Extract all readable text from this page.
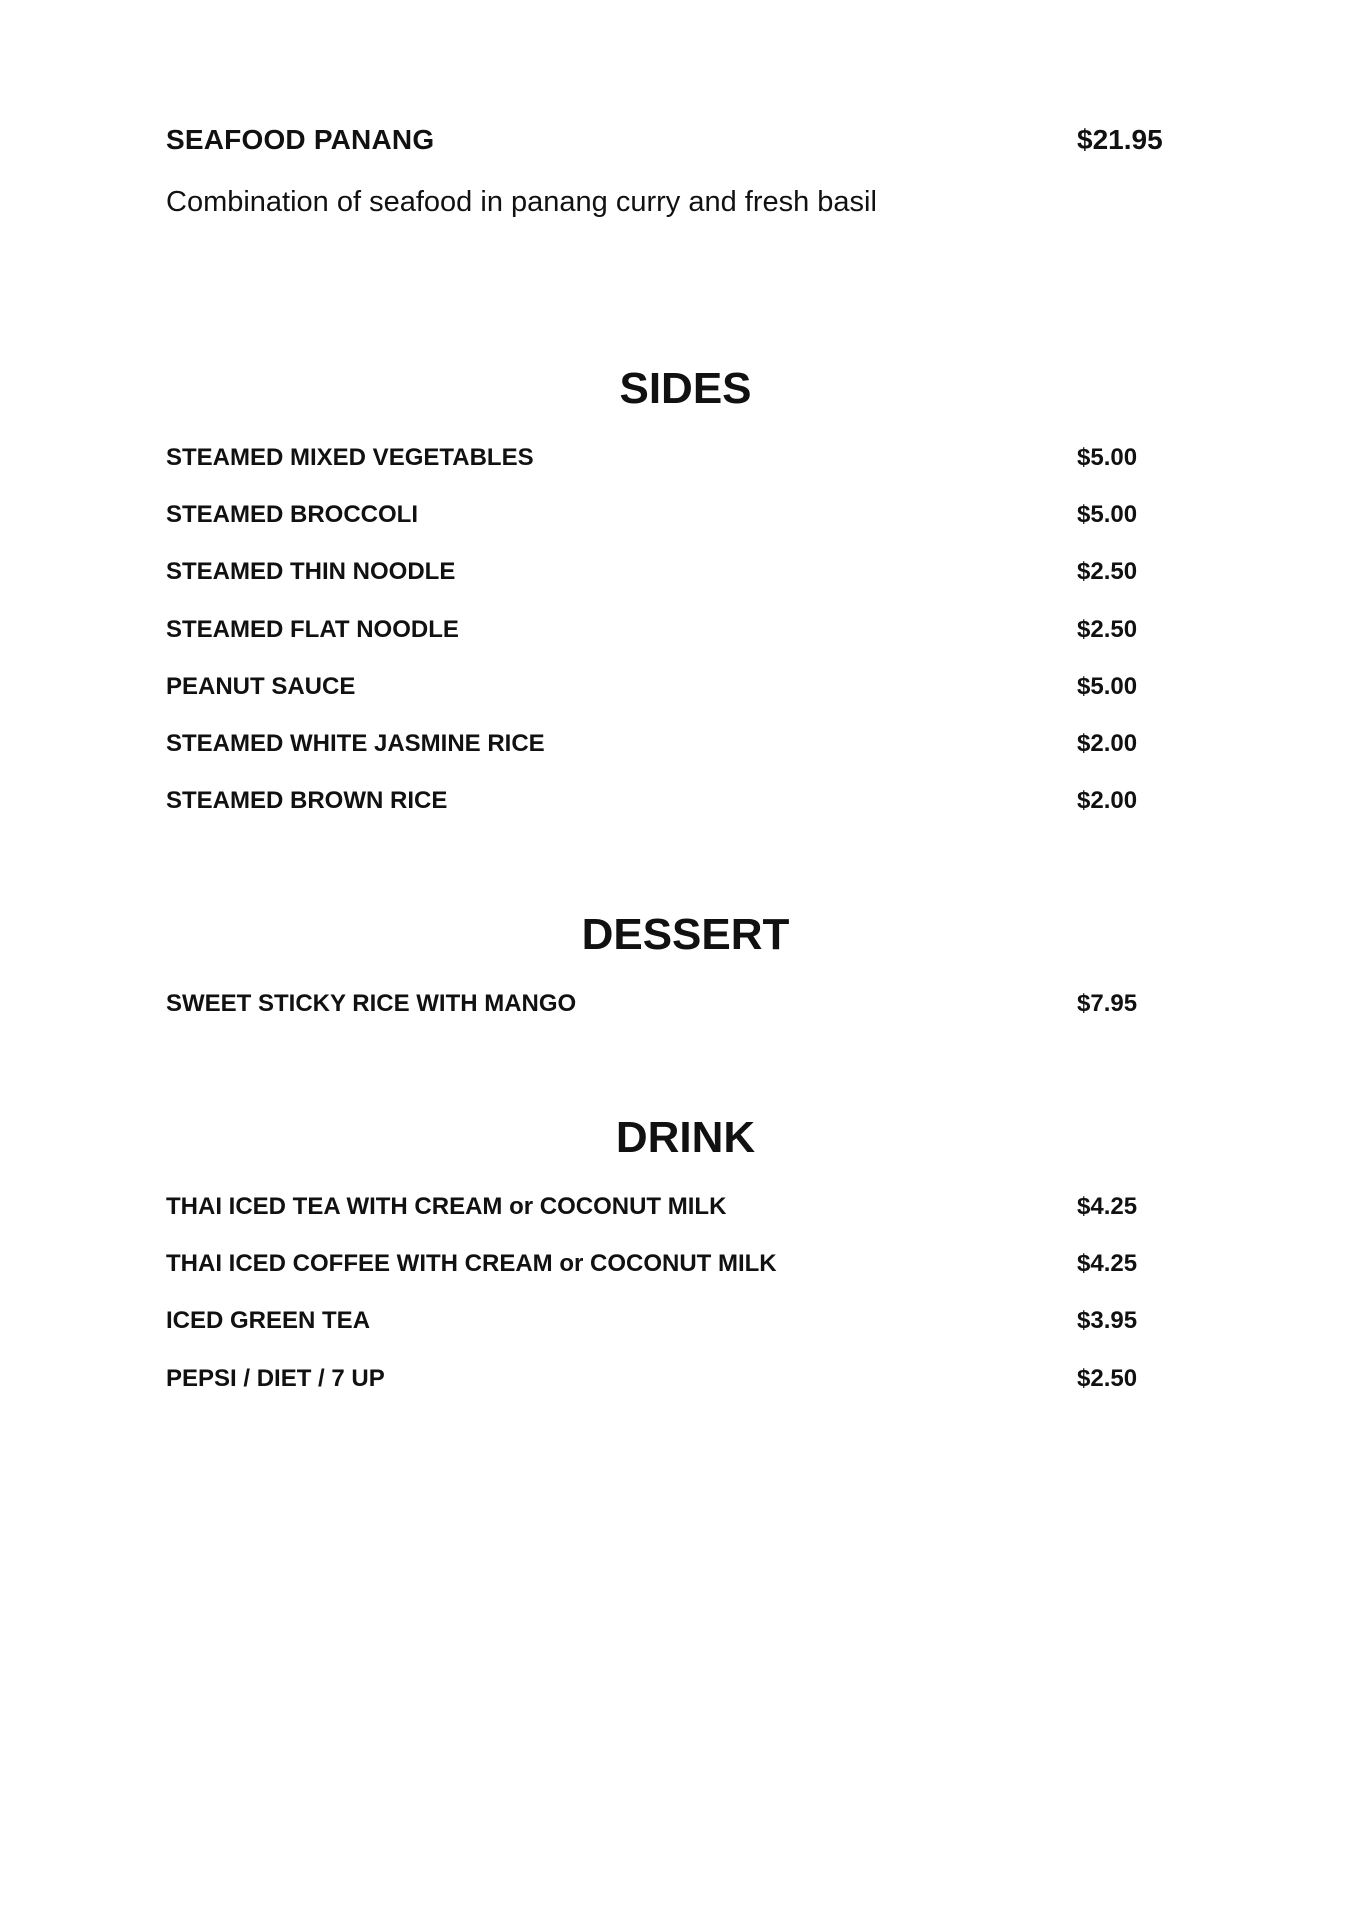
SEAFOOD PANANG	$21.95
Combination of seafood in panang curry and fresh basil
SIDES
STEAMED MIXED VEGETABLES	$5.00
STEAMED BROCCOLI	$5.00
STEAMED THIN NOODLE	$2.50
STEAMED FLAT NOODLE	$2.50
PEANUT SAUCE	$5.00
STEAMED WHITE JASMINE RICE	$2.00
STEAMED BROWN RICE	$2.00
DESSERT
SWEET STICKY RICE WITH MANGO	$7.95
DRINK
THAI ICED TEA WITH CREAM or COCONUT MILK	$4.25
THAI ICED COFFEE WITH CREAM or COCONUT MILK	$4.25
ICED GREEN TEA	$3.95
PEPSI / DIET / 7 UP	$2.50
